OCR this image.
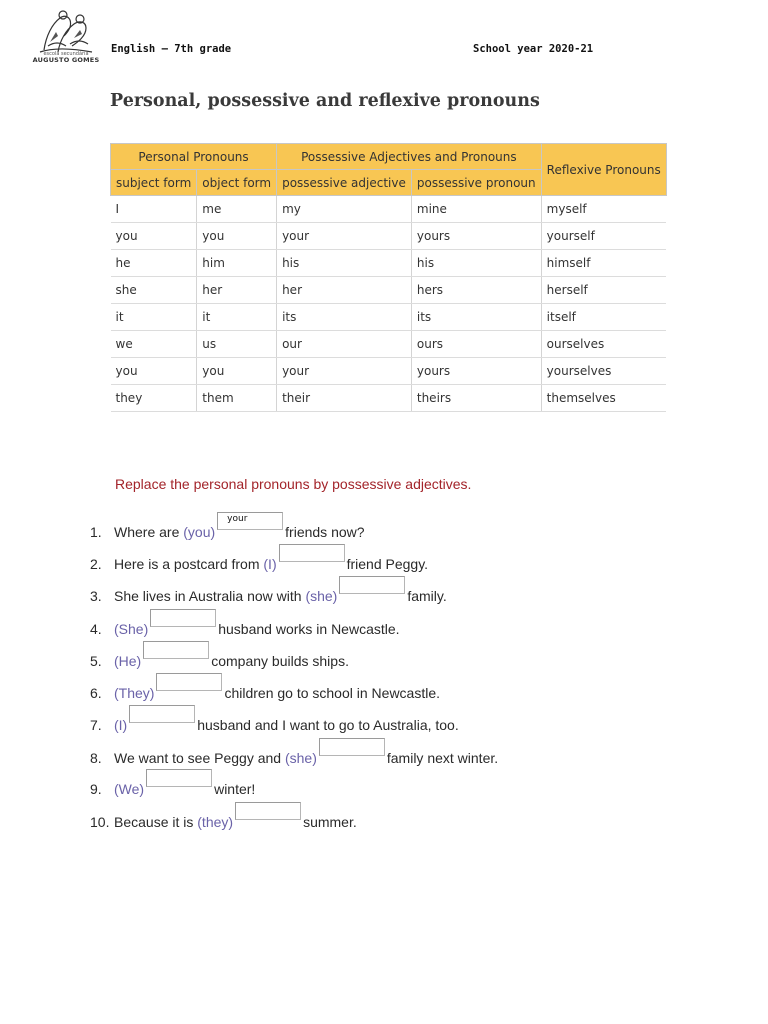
escola secundária
AUGUSTO GOMES
English – 7th grade	School year 2020-21
Personal, possessive and reflexive pronouns
Personal Pronouns		Possessive Adjectives and Pronouns		Reflexive Pronouns
subject form	object form	possessive adjective	possessive pronoun	
I	me	my	mine	myself
you	you	your	yours	yourself
he	him	his	his	himself
she	her	her	hers	herself
it	it	its	its	itself
we	us	our	ours	ourselves
you	you	your	yours	yourselves
they	them	their	theirs	themselves

Replace the personal pronouns by possessive adjectives.

1. Where are (you)
your
friends now?
2. Here is a postcard from (I)	friend Peggy.
3. She lives in Australia now with (she)	family.
4. (She)	husband works in Newcastle.
5. (He)	company builds ships.
6. (They)	children go to school in Newcastle.
7. (I)	husband and I want to go to Australia, too.
8. We want to see Peggy and (she)	family next winter.
9. (We)	winter!
10. Because it is (they)	summer.
